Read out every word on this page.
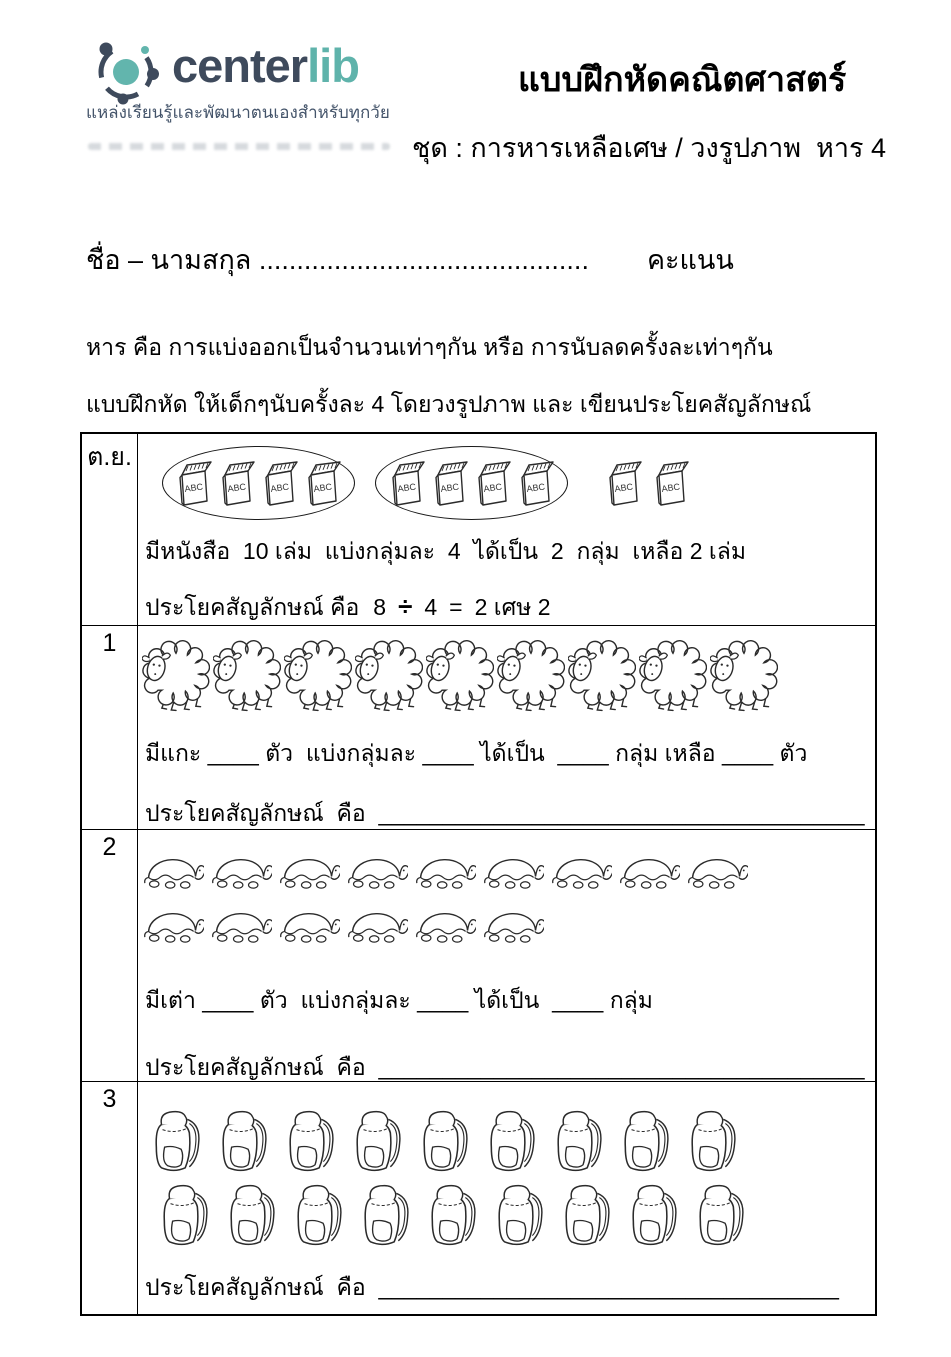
centerlib
แหล่งเรียนรู้และพัฒนาตนเองสำหรับทุกวัย
แบบฝึกหัดคณิตศาสตร์
ชุด : การหารเหลือเศษ / วงรูปภาพ  หาร 4
ชื่อ – นามสกุล ............................................ คะแนน
หาร คือ การแบ่งออกเป็นจำนวนเท่าๆกัน หรือ การนับลดครั้งละเท่าๆกัน
แบบฝึกหัด ให้เด็กๆนับครั้งละ 4 โดยวงรูปภาพ และ เขียนประโยคสัญลักษณ์
ต.ย.
มีหนังสือ  10 เล่ม  แบ่งกลุ่มละ  4  ได้เป็น  2  กลุ่ม  เหลือ 2 เล่ม
ประโยคสัญลักษณ์ คือ 8 ÷ 4 = 2 เศษ 2
1
มีแกะ ____ ตัว  แบ่งกลุ่มละ ____ ได้เป็น  ____ กลุ่ม เหลือ ____ ตัว
ประโยคสัญลักษณ์  คือ ______________________________________
2
มีเต่า ____ ตัว  แบ่งกลุ่มละ ____ ได้เป็น  ____ กลุ่ม
ประโยคสัญลักษณ์  คือ ______________________________________
3
ประโยคสัญลักษณ์  คือ ____________________________________
